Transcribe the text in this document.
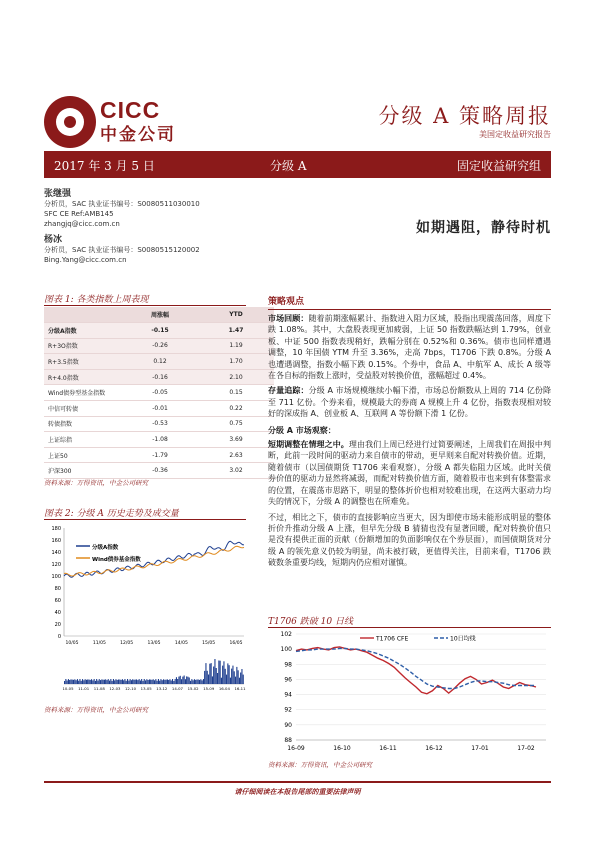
CICC
中金公司
分级 A 策略周报
美国定收益研究报告
2017 年 3 月 5 日	分级 A	固定收益研究组
张继强
分析员，SAC 执业证书编号：S0080511030010
SFC CE Ref:AMB145
zhangjq@cicc.com.cn
杨冰
分析员，SAC 执业证书编号：S0080515120002
Bing.Yang@cicc.com.cn
如期遇阻，静待时机
图表 1: 各类指数上周表现
	周涨幅	YTD
分级A指数	-0.15	1.47
R+3O指数	-0.26	1.19
R+3.5指数	0.12	1.70
R+4.0指数	-0.16	2.10
Wind债券型基金指数	-0.05	0.15
中信可转债	-0.01	0.22
转债指数	-0.53	0.75
上证综指	-1.08	3.69
上证50	-1.79	2.63
沪深300	-0.36	3.02
资料来源：万得资讯，中金公司研究
图表 2: 分级 A 历史走势及成交量
0
20
40
60
80
100
120
140
160
180
10/05	11/05	12/05	13/05	14/05	15/05	16/05
10-05 11-01 11-08 12-03 12-10 13-05 13-12 14-07 15-02 15-09 16-04 16-11
分级A指数
Wind债券基金指数
资料来源：万得资讯，中金公司研究
策略观点
市场回顾：随着前期涨幅累计、指数进入阻力区域，股指出现震荡回落，周度下跌 1.08%。其中，大盘股表现更加疲弱，上证 50 指数跌幅达到 1.79%，创业板、中证 500 指数表现稍好，跌幅分别在 0.52%和 0.36%。债市也同样遭遇调整，10 年国债 YTM 升至 3.36%，走高 7bps，T1706 下跌 0.8%。分级 A 也遭遇调整，指数小幅下跌 0.15%。个券中，食品 A、中航军 A、成长 A 级等在各自标的指数上涨时，受益股对转换价值，涨幅超过 0.4%。
存量追踪：分级 A 市场规模继续小幅下滑，市场总份额数从上周的 714 亿份降至 711 亿份。个券来看，规模最大的券商 A 规模上升 4 亿份，指数表现相对较好的深成指 A、创业板 A、互联网 A 等份额下滑 1 亿份。
分级 A 市场观察：
短期调整在情理之中。理由我们上周已经进行过简要阐述，上周我们在周报中判断，此前一段时间的驱动力来自债市的带动，更早则来自配对转换价值。近期，随着债市（以国债期货 T1706 来看观察），分级 A 都失临阻力区域。此时关债券价值的驱动力显然将减弱，而配对转换价值方面，随着股市也来到有体整需求的位置，在震荡市思路下，明显的整体折价也相对较难出现，在这两大驱动力均失的情况下，分级 A 的调整也在所难免。
不过，相比之下，债市的直接影响应当更大，因为即使市场未能形成明显的整体折价升推动分级 A 上涨，但早先分级 B 猜猜也没有显著回暖，配对转换价值只是没有提供正面的贡献（份额增加的负面影响仅在个券层面），而国债期货对分级 A 的领先意义仍较为明显，尚未被打破，更值得关注，目前来看，T1706 跌破数条重要均线，短期内仍应相对谨慎。
T1706 跌破 10 日线
88
90
92
94
96
98
100
102
16-09	16-10	16-11	16-12	17-01	17-02
T1706 CFE	10日均线
资料来源：万得资讯，中金公司研究
请仔细阅读在本报告尾部的重要法律声明
